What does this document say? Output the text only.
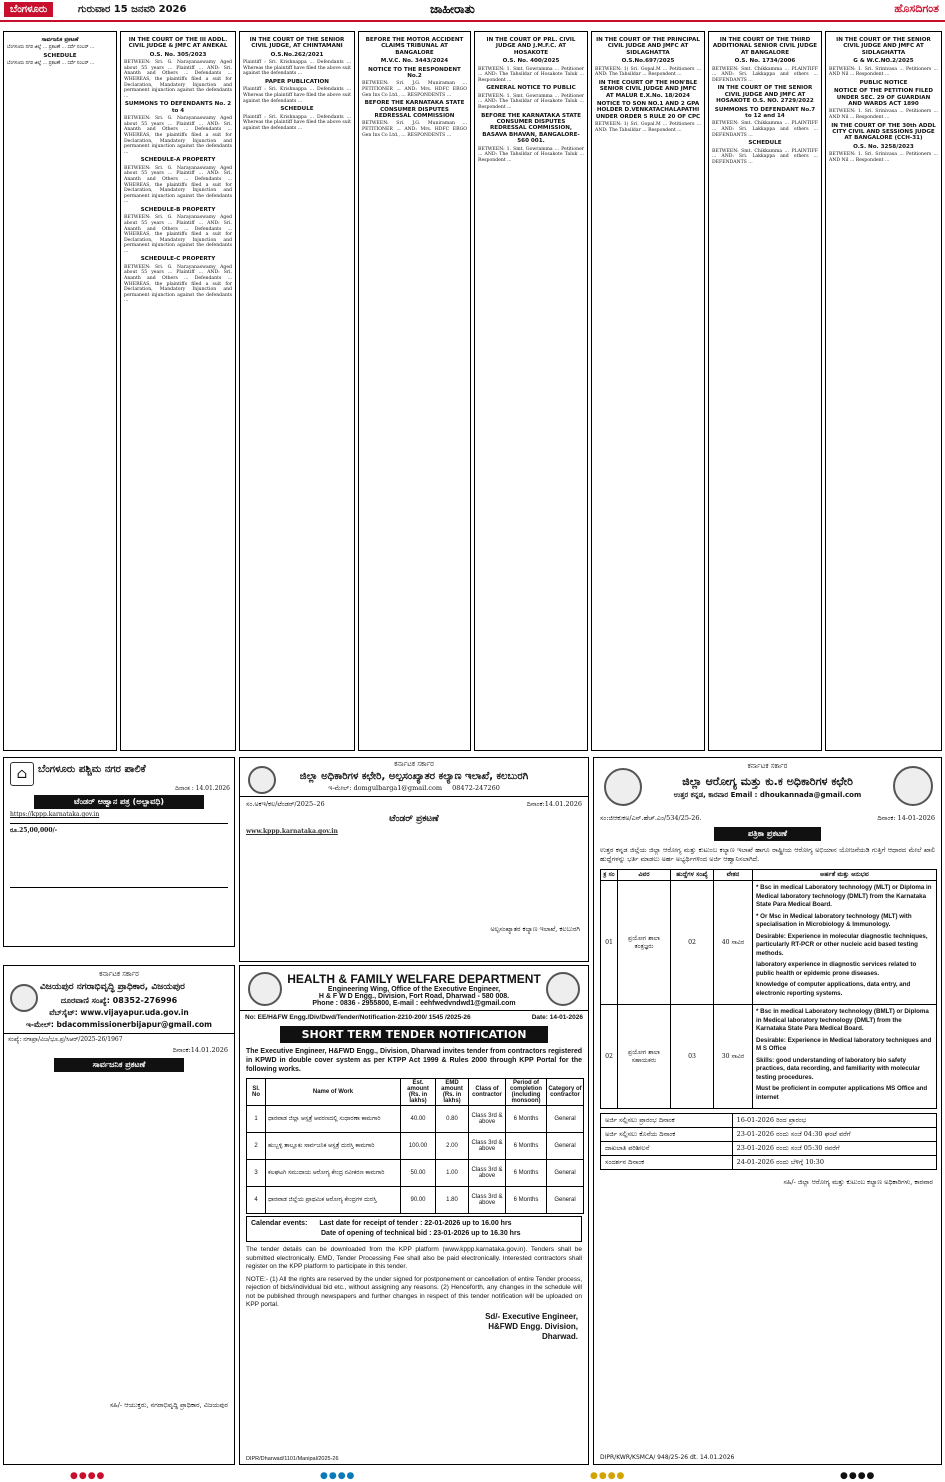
ಬೆಂಗಳೂರು	ಗುರುವಾರ 15 ಜನವರಿ 2026	ಜಾಹೀರಾತು	ಹೊಸದಿಗಂತ
ಸಾರ್ವಜನಿಕ ಪ್ರಕಟಣೆ

ಬೆಂಗಳೂರು ನಗರ ಜಿಲ್ಲೆ ... ಪ್ರಕಟಣೆ ... ಸರ್ವೆ ನಂಬರ್ ...

SCHEDULE

ಬೆಂಗಳೂರು ನಗರ ಜಿಲ್ಲೆ ... ಪ್ರಕಟಣೆ ... ಸರ್ವೆ ನಂಬರ್ ...

IN THE COURT OF THE III ADDL. CIVIL JUDGE & JMFC AT ANEKAL
O.S. No. 305/2023

BETWEEN: Sri. G. Narayanaswamy Aged about 55 years ... Plaintiff ... AND: Sri. Ananth and Others ... Defendants ... WHEREAS, the plaintiffs filed a suit for Declaration, Mandatory Injunction and permanent injunction against the defendants ...

SUMMONS TO DEFENDANTS No. 2 to 4

BETWEEN: Sri. G. Narayanaswamy Aged about 55 years ... Plaintiff ... AND: Sri. Ananth and Others ... Defendants ... WHEREAS, the plaintiffs filed a suit for Declaration, Mandatory Injunction and permanent injunction against the defendants ...

SCHEDULE-A PROPERTY

BETWEEN: Sri. G. Narayanaswamy Aged about 55 years ... Plaintiff ... AND: Sri. Ananth and Others ... Defendants ... WHEREAS, the plaintiffs filed a suit for Declaration, Mandatory Injunction and permanent injunction against the defendants ...

SCHEDULE-B PROPERTY

BETWEEN: Sri. G. Narayanaswamy Aged about 55 years ... Plaintiff ... AND: Sri. Ananth and Others ... Defendants ... WHEREAS, the plaintiffs filed a suit for Declaration, Mandatory Injunction and permanent injunction against the defendants ...

SCHEDULE-C PROPERTY

BETWEEN: Sri. G. Narayanaswamy Aged about 55 years ... Plaintiff ... AND: Sri. Ananth and Others ... Defendants ... WHEREAS, the plaintiffs filed a suit for Declaration, Mandatory Injunction and permanent injunction against the defendants ...

IN THE COURT OF THE SENIOR CIVIL JUDGE, AT CHINTAMANI
O.S.No.262/2021

Plaintiff : Sri. Krishnappa ... Defendants ... Whereas the plaintiff have filed the above suit against the defendants ...

PAPER PUBLICATION

Plaintiff : Sri. Krishnappa ... Defendants ... Whereas the plaintiff have filed the above suit against the defendants ...

SCHEDULE

Plaintiff : Sri. Krishnappa ... Defendants ... Whereas the plaintiff have filed the above suit against the defendants ...

BEFORE THE MOTOR ACCIDENT CLAIMS TRIBUNAL AT BANGALORE
M.V.C. No. 3443/2024
NOTICE TO THE RESPONDENT No.2

BETWEEN: Sri. J.G. Muniraman ... PETITIONER ... AND: Mrs. HDFC ERGO Gen Ins Co Ltd., ... RESPONDENTS ...

BEFORE THE KARNATAKA STATE CONSUMER DISPUTES REDRESSAL COMMISSION

BETWEEN: Sri. J.G. Muniraman ... PETITIONER ... AND: Mrs. HDFC ERGO Gen Ins Co Ltd., ... RESPONDENTS ...

IN THE COURT OF PRL. CIVIL JUDGE AND J.M.F.C. AT HOSAKOTE
O.S. No. 400/2025

BETWEEN: 1. Smt. Gowramma ... Petitioner ... AND: The Tahsildar of Hosakote Taluk ... Respondent ...

GENERAL NOTICE TO PUBLIC

BETWEEN: 1. Smt. Gowramma ... Petitioner ... AND: The Tahsildar of Hosakote Taluk ... Respondent ...

BEFORE THE KARNATAKA STATE CONSUMER DISPUTES REDRESSAL COMMISSION, BASAVA BHAVAN, BANGALORE-560 001.

BETWEEN: 1. Smt. Gowramma ... Petitioner ... AND: The Tahsildar of Hosakote Taluk ... Respondent ...

IN THE COURT OF THE PRINCIPAL CIVIL JUDGE AND JMFC AT SIDLAGHATTA
O.S.No.697/2025

BETWEEN: 1) Sri. Gopal.M ... Petitioners ... AND: The Tahsildar ... Respondent ...

IN THE COURT OF THE HON'BLE SENIOR CIVIL JUDGE AND JMFC AT MALUR E.X.No. 18/2024
NOTICE TO SON NO.1 AND 2 GPA HOLDER D.VENKATACHALAPATHI UNDER ORDER 5 RULE 20 OF CPC

BETWEEN: 1) Sri. Gopal.M ... Petitioners ... AND: The Tahsildar ... Respondent ...

IN THE COURT OF THE THIRD ADDITIONAL SENIOR CIVIL JUDGE AT BANGALORE
O.S. No. 1734/2006

BETWEEN: Smt. Chikkamma ... PLAINTIFF ... AND: Sri. Lakkappa and others ... DEFENDANTS ...

IN THE COURT OF THE SENIOR CIVIL JUDGE AND JMFC AT HOSAKOTE O.S. NO. 2729/2022
SUMMONS TO DEFENDANT No.7 to 12 and 14

BETWEEN: Smt. Chikkamma ... PLAINTIFF ... AND: Sri. Lakkappa and others ... DEFENDANTS ...

SCHEDULE

BETWEEN: Smt. Chikkamma ... PLAINTIFF ... AND: Sri. Lakkappa and others ... DEFENDANTS ...

IN THE COURT OF THE SENIOR CIVIL JUDGE AND JMFC AT SIDLAGHATTA
G & W.C.NO.2/2025

BETWEEN: 1. Sri. Srinivasa ... Petitioners ... AND Nil ... Respondent ...

PUBLIC NOTICE
NOTICE OF THE PETITION FILED UNDER SEC. 29 OF GUARDIAN AND WARDS ACT 1890

BETWEEN: 1. Sri. Srinivasa ... Petitioners ... AND Nil ... Respondent ...

IN THE COURT OF THE 30th ADDL CITY CIVIL AND SESSIONS JUDGE AT BANGALORE (CCH-31)
O.S. No. 3258/2023

BETWEEN: 1. Sri. Srinivasa ... Petitioners ... AND Nil ... Respondent ...

⌂	ಬೆಂಗಳೂರು ಪಶ್ಚಿಮ ನಗರ ಪಾಲಿಕೆ
ದಿನಾಂಕ : 14.01.2026
ಟೆಂಡರ್ ಆಹ್ವಾನ ಪತ್ರ (ಅಲ್ಪಾವಧಿ)
https://kppp.karnataka.gov.in
ರೂ.25,00,000/-
ಕರ್ನಾಟಕ ಸರ್ಕಾರ
ಜಿಲ್ಲಾ ಅಧಿಕಾರಿಗಳ ಕಛೇರಿ, ಅಲ್ಪಸಂಖ್ಯಾತರ ಕಲ್ಯಾಣ ಇಲಾಖೆ, ಕಲಬುರಗಿ
ಇ-ಮೇಲ್: domgulbarga1@gmail.com 08472-247260
ಸಂ.ಅಕಇ/ಕಲ/ಟೆಂಡರ್/2025–26	ದಿನಾಂಕ:14.01.2026
ಟೆಂಡರ್ ಪ್ರಕಟಣೆ
www.kppp.karnataka.gov.in
ಅಲ್ಪಸಂಖ್ಯಾತರ ಕಲ್ಯಾಣ ಇಲಾಖೆ, ಕಲಬುರಗಿ
ಕರ್ನಾಟಕ ಸರ್ಕಾರ
ವಿಜಯಪುರ ನಗರಾಭಿವೃದ್ಧಿ ಪ್ರಾಧಿಕಾರ, ವಿಜಯಪುರ
ದೂರವಾಣಿ ಸಂಖ್ಯೆ: 08352-276996
ವೆಬ್‌ಸೈಟ್: www.vijayapur.uda.gov.in
ಇ-ಮೇಲ್: bdacommissionerbijapur@gmail.com
ಸಂಖ್ಯೆ: ನಗಾಪ್ರಾ/ವಿಜ/ಭೂ.ಪ್ರ/ಸಿಆರ್/2025-26/1967
ದಿನಾಂಕ:14.01.2026
ಸಾರ್ವಜನಿಕ ಪ್ರಕಟಣೆ
ಸಹಿ/- ಆಯುಕ್ತರು, ನಗರಾಭಿವೃದ್ಧಿ ಪ್ರಾಧಿಕಾರ, ವಿಜಯಪುರ
HEALTH & FAMILY WELFARE DEPARTMENT
Engineering Wing, Office of the Executive Engineer,
H & F W D Engg., Division, Fort Road, Dharwad - 580 008.
Phone : 0836 - 2955800, E-mail : eehfwedvndwd1@gmail.com
No: EE/H&FW Engg./Div/Dwd/Tender/Notification-2210-200/ 1545 /2025-26	Date: 14-01-2026
SHORT TERM TENDER NOTIFICATION
The Executive Engineer, H&FWD Engg., Division, Dharwad invites tender from contractors registered in KPWD in double cover system as per KTPP Act 1999 & Rules 2000 through KPP Portal for the following works.
Sl. No	Name of Work	Est. amount (Rs. in lakhs)	EMD amount (Rs. in lakhs)	Class of contractor	Period of completion (including monsoon)	Category of contractor
1	ಧಾರವಾಡ ಜಿಲ್ಲಾ ಆಸ್ಪತ್ರೆ ಆವರಣದಲ್ಲಿ ಸುಧಾರಣಾ ಕಾಮಗಾರಿ	40.00	0.80	Class 3rd & above	6 Months	General
2	ಹುಬ್ಬಳ್ಳಿ ತಾಲ್ಲೂಕು ಸಾರ್ವಜನಿಕ ಆಸ್ಪತ್ರೆ ದುರಸ್ತಿ ಕಾಮಗಾರಿ	100.00	2.00	Class 3rd & above	6 Months	General
3	ಕಲಘಟಗಿ ಸಮುದಾಯ ಆರೋಗ್ಯ ಕೇಂದ್ರ ನವೀಕರಣ ಕಾಮಗಾರಿ	50.00	1.00	Class 3rd & above	6 Months	General
4	ಧಾರವಾಡ ಜಿಲ್ಲೆಯ ಪ್ರಾಥಮಿಕ ಆರೋಗ್ಯ ಕೇಂದ್ರಗಳ ದುರಸ್ತಿ	90.00	1.80	Class 3rd & above	6 Months	General
Calendar events: Last date for receipt of tender : 22-01-2026 up to 16.00 hrs
Date of opening of technical bid : 23-01-2026 up to 16.30 hrs
The tender details can be downloaded from the KPP platform (www.kppp.karnataka.gov.in). Tenders shall be submitted electronically. EMD, Tender Processing Fee shall also be paid electronically. Interested contractors shall register on the KPP platform to participate in this tender.
NOTE:- (1) All the rights are reserved by the under signed for postponement or cancellation of entire Tender process, rejection of bids/individual bid etc., without assigning any reasons. (2) Henceforth, any changes in the schedule will not be published through newspapers and further changes in respect of this tender notification will be uploaded on KPP portal.
Sd/- Executive Engineer,
H&FWD Engg. Division,
Dharwad.
DIPR/Dharwad/1101/Manipal/2025-26
ಕರ್ನಾಟಕ ಸರ್ಕಾರ
ಜಿಲ್ಲಾ ಆರೋಗ್ಯ ಮತ್ತು ಕು.ಕ ಅಧಿಕಾರಿಗಳ ಕಛೇರಿ
ಉತ್ತರ ಕನ್ನಡ, ಕಾರವಾರ Email : dhoukannada@gmail.com
ಸಂ:ಜಿಆಕುಕಅ/ಎನ್.ಹೆಚ್.ಎಂ/534/25-26.	ದಿನಾಂಕ: 14-01-2026
ಪತ್ರಿಕಾ ಪ್ರಕಟಣೆ
ಉತ್ತರ ಕನ್ನಡ ಜಿಲ್ಲೆಯ ಜಿಲ್ಲಾ ಆರೋಗ್ಯ ಮತ್ತು ಕುಟುಂಬ ಕಲ್ಯಾಣ ಇಲಾಖೆ ಹಾಗೂ ರಾಷ್ಟ್ರೀಯ ಆರೋಗ್ಯ ಅಭಿಯಾನ ಯೋಜನೆಯಡಿ ಗುತ್ತಿಗೆ ಆಧಾರದ ಮೇಲೆ ಖಾಲಿ ಹುದ್ದೆಗಳನ್ನು ಭರ್ತಿ ಮಾಡಲು ಅರ್ಹ ಅಭ್ಯರ್ಥಿಗಳಿಂದ ಅರ್ಜಿ ಆಹ್ವಾನಿಸಲಾಗಿದೆ.
ಕ್ರ ಸಂ	ವಿವರ	ಹುದ್ದೆಗಳ ಸಂಖ್ಯೆ	ವೇತನ	ಅರ್ಹತೆ ಮತ್ತು ಅನುಭವ
01	ಪ್ರಯೋಗ ಶಾಲಾ ತಂತ್ರಜ್ಞರು	02	40 ಸಾವಿರ	* Bsc in medical Laboratory technology (MLT) or Diploma in Medical laboratory technology (DMLT) from the Karnataka State Para Medical Board.
* Or Msc in Medical laboratory technology (MLT) with specialisation in Microbiology & Immunology.
Desirable: Experience in molecular diagnostic techniques, particularly RT-PCR or other nucleic acid based testing methods.
laboratory experience in diagnostic services related to public health or epidemic prone diseases.
knowledge of computer applications, data entry, and electronic reporting systems.

02	ಪ್ರಯೋಗ ಶಾಲಾ ಸಹಾಯಕರು	03	30 ಸಾವಿರ	* Bsc in medical Laboratory technology (BMLT) or Diploma in Medical laboratory technology (DMLT) from the Karnataka State Para Medical Board.
Desirable: Experience in Medical laboratory techniques and M S Office
Skills: good understanding of laboratory bio safety practices, data recording, and familiarity with molecular testing procedures.
Must be proficient in computer applications MS Office and internet
ಅರ್ಜಿ ಸಲ್ಲಿಸಲು ಪ್ರಾರಂಭ ದಿನಾಂಕ	16-01-2026 ರಿಂದ ಪ್ರಾರಂಭ
ಅರ್ಜಿ ಸಲ್ಲಿಸಲು ಕೊನೆಯ ದಿನಾಂಕ	23-01-2026 ರಂದು ಸಂಜೆ 04:30 ಘಂಟೆ ವರೆಗೆ
ದಾಖಲಾತಿ ಪರಿಶೀಲನೆ	23-01-2026 ರಂದು ಸಂಜೆ 05:30 ರವರೆಗೆ
ಸಂದರ್ಶನ ದಿನಾಂಕ	24-01-2026 ರಂದು ಬೆಳಿಗ್ಗೆ 10:30
ಸಹಿ/- ಜಿಲ್ಲಾ ಆರೋಗ್ಯ ಮತ್ತು ಕುಟುಂಬ ಕಲ್ಯಾಣ ಅಧಿಕಾರಿಗಳು, ಕಾರವಾರ
DIPR/KWR/KSMCA/ 948/25-26 dt. 14.01.2026
●●●●	●●●●	●●●●	●●●●
